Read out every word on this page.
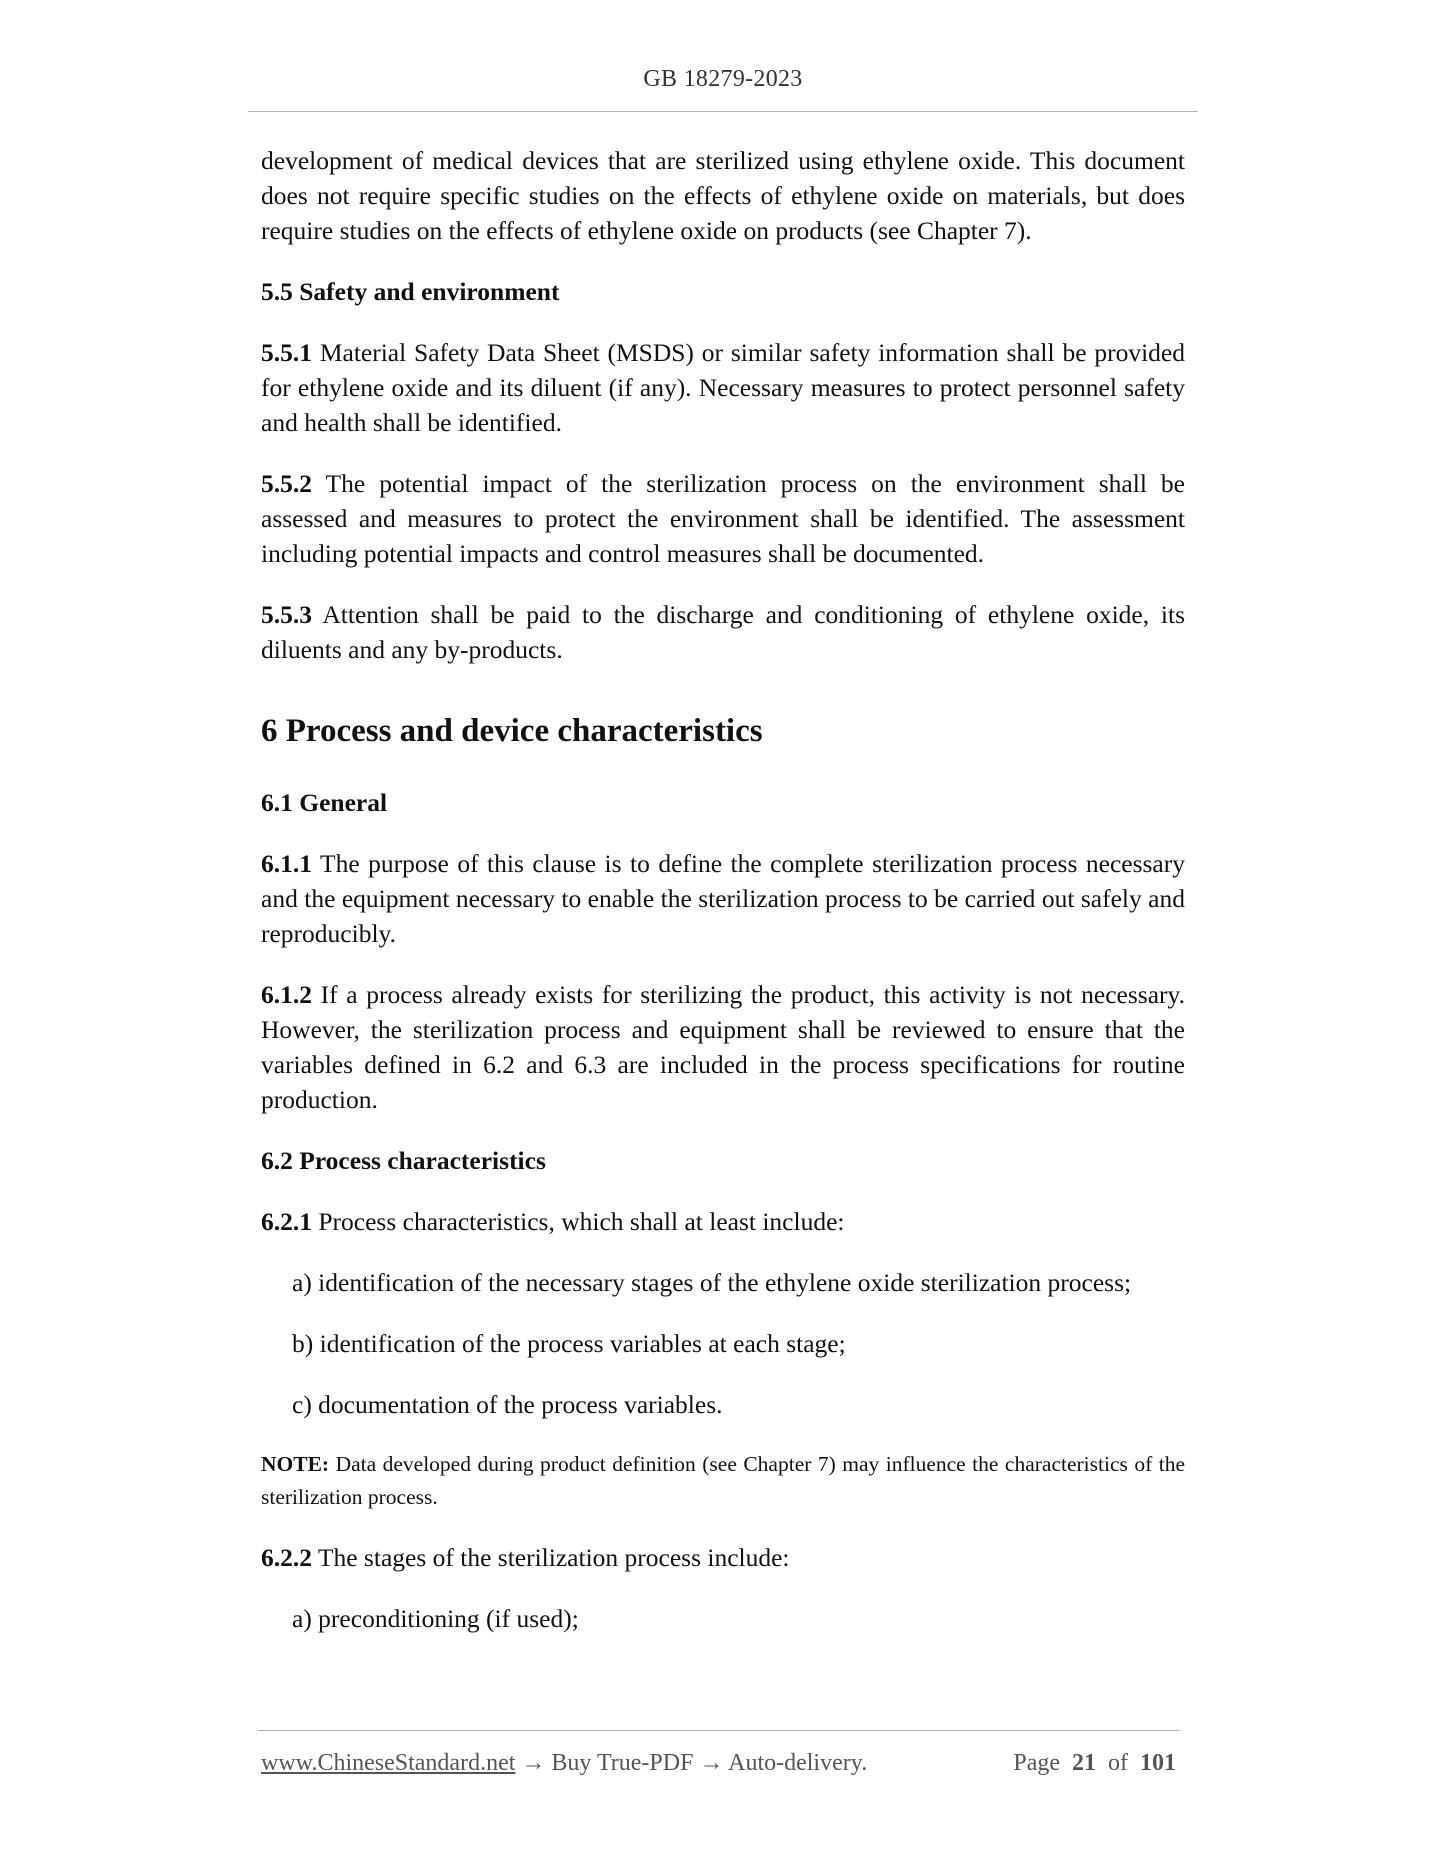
GB 18279-2023

development of medical devices that are sterilized using ethylene oxide. This document does not require specific studies on the effects of ethylene oxide on materials, but does require studies on the effects of ethylene oxide on products (see Chapter 7).

5.5 Safety and environment

5.5.1 Material Safety Data Sheet (MSDS) or similar safety information shall be provided for ethylene oxide and its diluent (if any). Necessary measures to protect personnel safety and health shall be identified.

5.5.2 The potential impact of the sterilization process on the environment shall be assessed and measures to protect the environment shall be identified. The assessment including potential impacts and control measures shall be documented.

5.5.3 Attention shall be paid to the discharge and conditioning of ethylene oxide, its diluents and any by-products.

6 Process and device characteristics
6.1 General

6.1.1 The purpose of this clause is to define the complete sterilization process necessary and the equipment necessary to enable the sterilization process to be carried out safely and reproducibly.

6.1.2 If a process already exists for sterilizing the product, this activity is not necessary. However, the sterilization process and equipment shall be reviewed to ensure that the variables defined in 6.2 and 6.3 are included in the process specifications for routine production.

6.2 Process characteristics

6.2.1 Process characteristics, which shall at least include:

a) identification of the necessary stages of the ethylene oxide sterilization process;
b) identification of the process variables at each stage;
c) documentation of the process variables.

NOTE: Data developed during product definition (see Chapter 7) may influence the characteristics of the sterilization process.

6.2.2 The stages of the sterilization process include:

a) preconditioning (if used);
www.ChineseStandard.net → Buy True-PDF → Auto-delivery.	Page 21 of 101
